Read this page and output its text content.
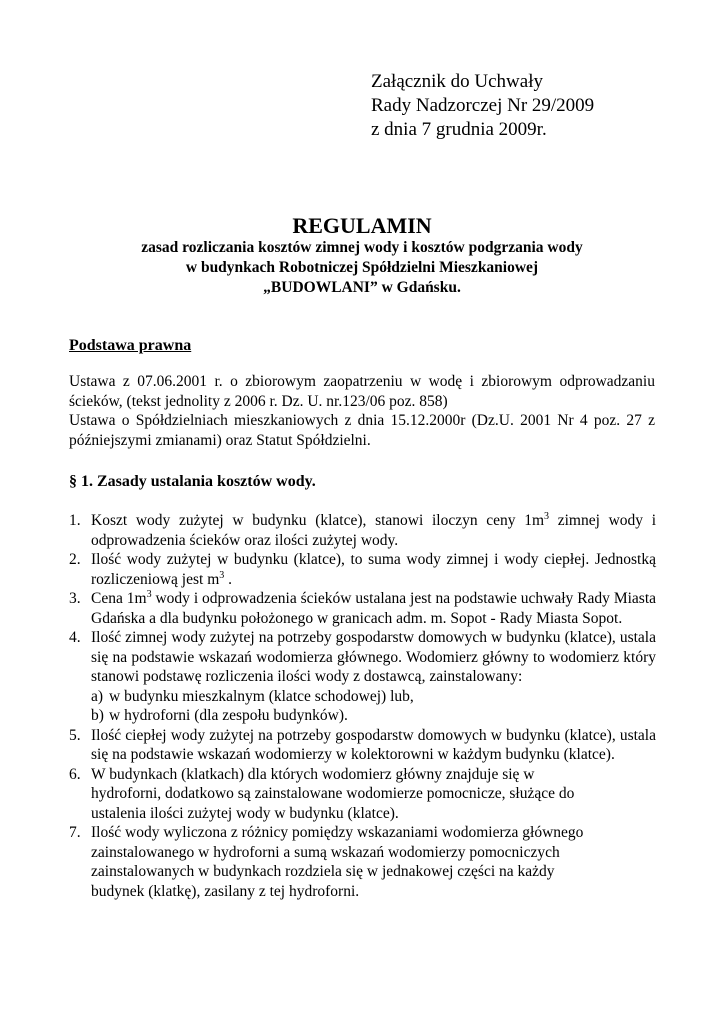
Załącznik do Uchwały
Rady Nadzorczej Nr 29/2009
z dnia 7 grudnia 2009r.
REGULAMIN
zasad rozliczania kosztów zimnej wody i kosztów podgrzania wody
w budynkach Robotniczej Spółdzielni Mieszkaniowej
„BUDOWLANI” w Gdańsku.
Podstawa prawna

Ustawa z 07.06.2001 r. o zbiorowym zaopatrzeniu w wodę i zbiorowym odprowadzaniu ścieków, (tekst jednolity z 2006 r. Dz. U. nr.123/06 poz. 858)

Ustawa o Spółdzielniach mieszkaniowych z dnia 15.12.2000r (Dz.U. 2001 Nr 4 poz. 27 z późniejszymi zmianami) oraz Statut Spółdzielni.

§ 1. Zasady ustalania kosztów wody.
1. Koszt wody zużytej w budynku (klatce), stanowi iloczyn ceny $1m^3$ zimnej wody i odprowadzenia ścieków oraz ilości zużytej wody.
2. Ilość wody zużytej w budynku (klatce), to suma wody zimnej i wody ciepłej. Jednostką rozliczeniową jest $m^3$ .
3. Cena $1m^3$ wody i odprowadzenia ścieków ustalana jest na podstawie uchwały Rady Miasta Gdańska a dla budynku położonego w granicach adm. m. Sopot - Rady Miasta Sopot.
4. Ilość zimnej wody zużytej na potrzeby gospodarstw domowych w budynku (klatce), ustala się na podstawie wskazań wodomierza głównego. Wodomierz główny to wodomierz który stanowi podstawę rozliczenia ilości wody z dostawcą, zainstalowany:
a) w budynku mieszkalnym (klatce schodowej) lub,
b) w hydroforni (dla zespołu budynków).
5. Ilość ciepłej wody zużytej na potrzeby gospodarstw domowych w budynku (klatce), ustala się na podstawie wskazań wodomierzy w kolektorowni w każdym budynku (klatce).
6. W budynkach (klatkach) dla których wodomierz główny znajduje się w
hydroforni, dodatkowo są zainstalowane wodomierze pomocnicze, służące do
ustalenia ilości zużytej wody w budynku (klatce).
7. Ilość wody wyliczona z różnicy pomiędzy wskazaniami wodomierza głównego
zainstalowanego w hydroforni a sumą wskazań wodomierzy pomocniczych
zainstalowanych w budynkach rozdziela się w jednakowej części na każdy
budynek (klatkę), zasilany z tej hydroforni.
